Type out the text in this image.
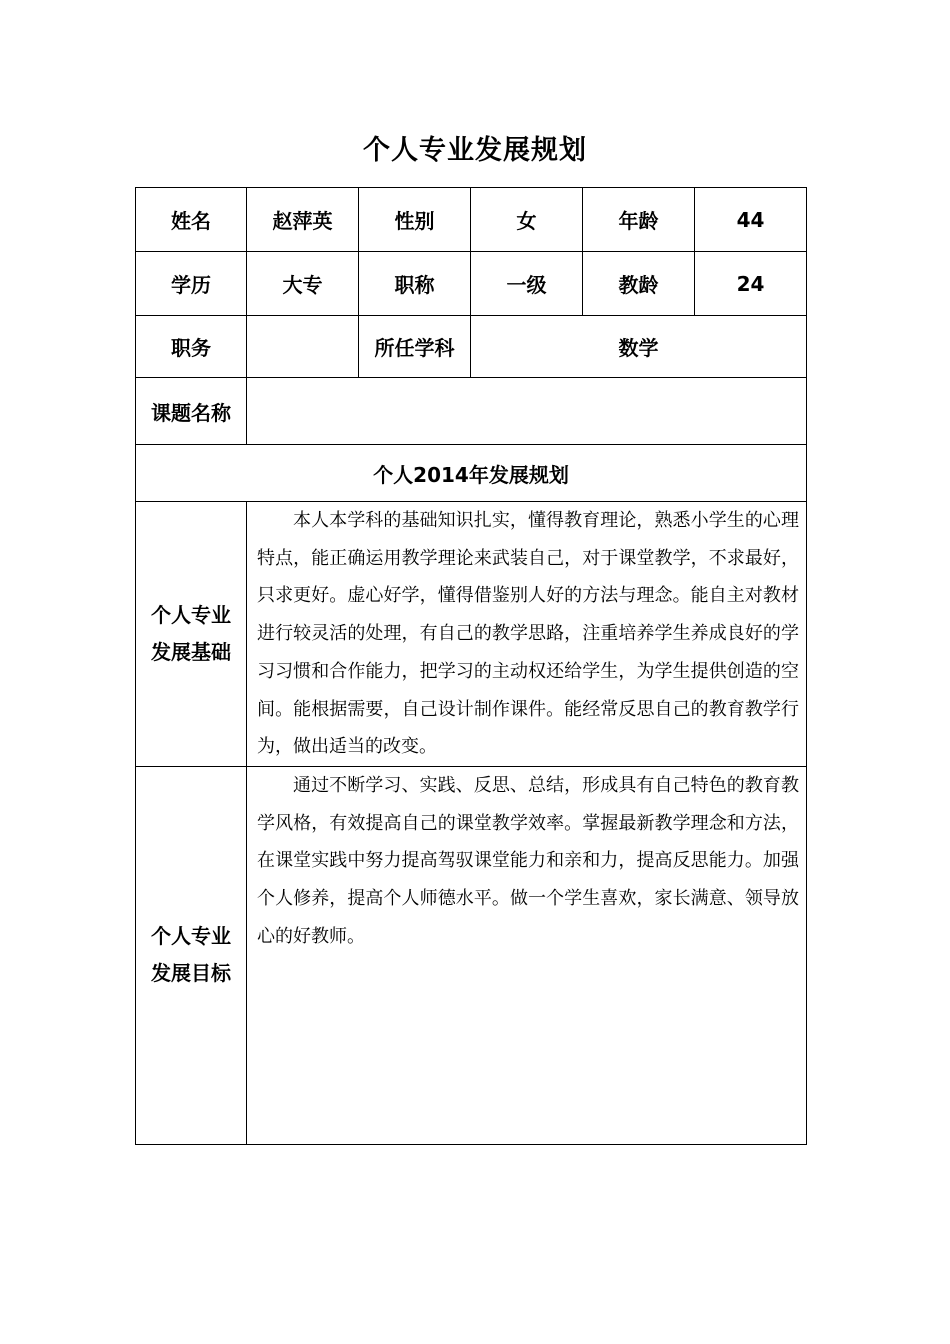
个人专业发展规划
姓名	赵萍英	性别	女	年龄	44
学历	大专	职称	一级	教龄	24
职务		所任学科	数学		
课题名称					
个人2014年发展规划					

个人专业
发展基础	本人本学科的基础知识扎实，懂得教育理论，熟悉小学生的心理特点，能正确运用教学理论来武装自己，对于课堂教学，不求最好，只求更好。虚心好学，懂得借鉴别人好的方法与理念。能自主对教材进行较灵活的处理，有自己的教学思路，注重培养学生养成良好的学习习惯和合作能力，把学习的主动权还给学生，为学生提供创造的空间。能根据需要，自己设计制作课件。能经常反思自己的教育教学行为，做出适当的改变。				

个人专业
发展目标	通过不断学习、实践、反思、总结，形成具有自己特色的教育教学风格，有效提高自己的课堂教学效率。掌握最新教学理念和方法，在课堂实践中努力提高驾驭课堂能力和亲和力，提高反思能力。加强个人修养，提高个人师德水平。做一个学生喜欢，家长满意、领导放心的好教师。				
